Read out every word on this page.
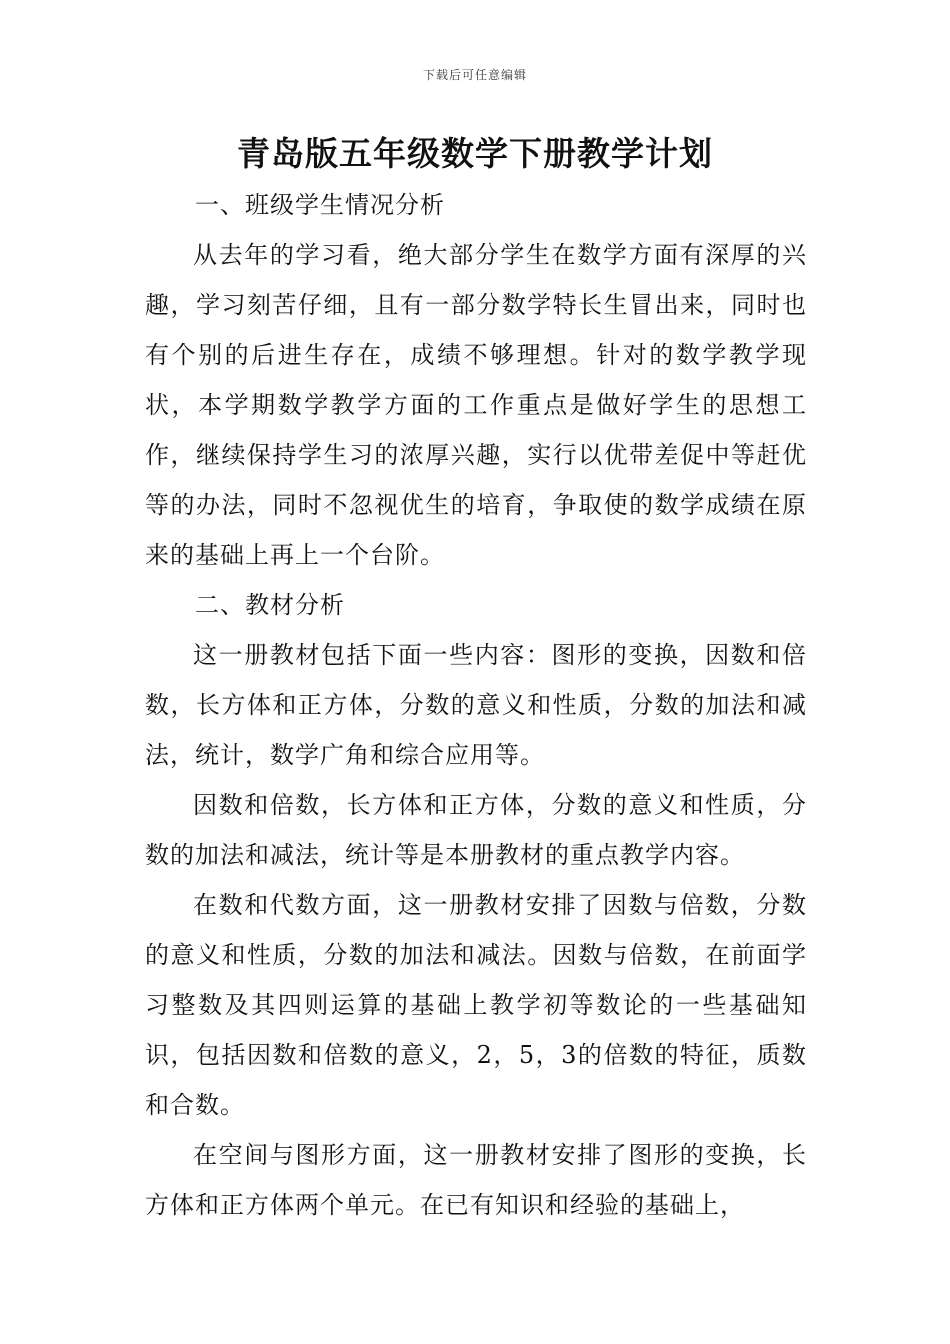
下载后可任意编辑
青岛版五年级数学下册教学计划

一、班级学生情况分析

从去年的学习看，绝大部分学生在数学方面有深厚的兴趣，学习刻苦仔细，且有一部分数学特长生冒出来，同时也有个别的后进生存在，成绩不够理想。针对的数学教学现状，本学期数学教学方面的工作重点是做好学生的思想工作，继续保持学生习的浓厚兴趣，实行以优带差促中等赶优等的办法，同时不忽视优生的培育，争取使的数学成绩在原来的基础上再上一个台阶。

二、教材分析

这一册教材包括下面一些内容：图形的变换，因数和倍数，长方体和正方体，分数的意义和性质，分数的加法和减法，统计，数学广角和综合应用等。

因数和倍数，长方体和正方体，分数的意义和性质，分数的加法和减法，统计等是本册教材的重点教学内容。

在数和代数方面，这一册教材安排了因数与倍数，分数的意义和性质，分数的加法和减法。因数与倍数，在前面学习整数及其四则运算的基础上教学初等数论的一些基础知识，包括因数和倍数的意义，2，5，3的倍数的特征，质数和合数。

在空间与图形方面，这一册教材安排了图形的变换，长方体和正方体两个单元。在已有知识和经验的基础上，
